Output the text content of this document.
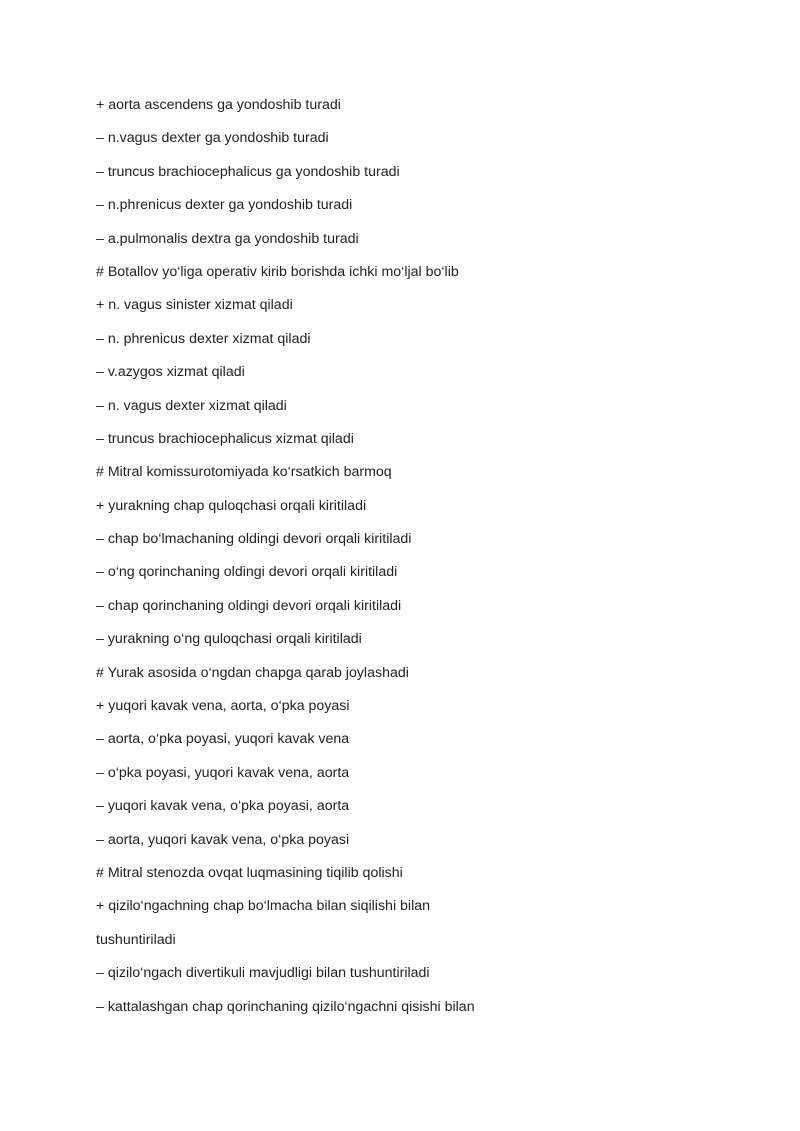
+ aorta ascendens ga yondoshib turadi
– n.vagus dexter ga yondoshib turadi
– truncus brachiocephalicus ga yondoshib turadi
– n.phrenicus dexter ga yondoshib turadi
– a.pulmonalis dextra ga yondoshib turadi
# Botallov yo‘liga operativ kirib borishda ichki mo‘ljal bo‘lib
+ n. vagus sinister xizmat qiladi
– n. phrenicus dexter xizmat qiladi
– v.azygos xizmat qiladi
– n. vagus dexter xizmat qiladi
– truncus brachiocephalicus xizmat qiladi
# Mitral komissurotomiyada ko‘rsatkich barmoq
+ yurakning chap quloqchasi orqali kiritiladi
– chap bo‘lmachaning oldingi devori orqali kiritiladi
– o‘ng qorinchaning oldingi devori orqali kiritiladi
– chap qorinchaning oldingi devori orqali kiritiladi
– yurakning o‘ng quloqchasi orqali kiritiladi
# Yurak asosida o‘ngdan chapga qarab joylashadi
+ yuqori kavak vena, aorta, o‘pka poyasi
– aorta, o‘pka poyasi, yuqori kavak vena
– o‘pka poyasi, yuqori kavak vena, aorta
– yuqori kavak vena, o‘pka poyasi, aorta
– aorta, yuqori kavak vena, o‘pka poyasi
# Mitral stenozda ovqat luqmasining tiqilib qolishi
+ qizilo‘ngachning chap bo‘lmacha bilan siqilishi bilan
tushuntiriladi
– qizilo‘ngach divertikuli mavjudligi bilan tushuntiriladi
– kattalashgan chap qorinchaning qizilo‘ngachni qisishi bilan
